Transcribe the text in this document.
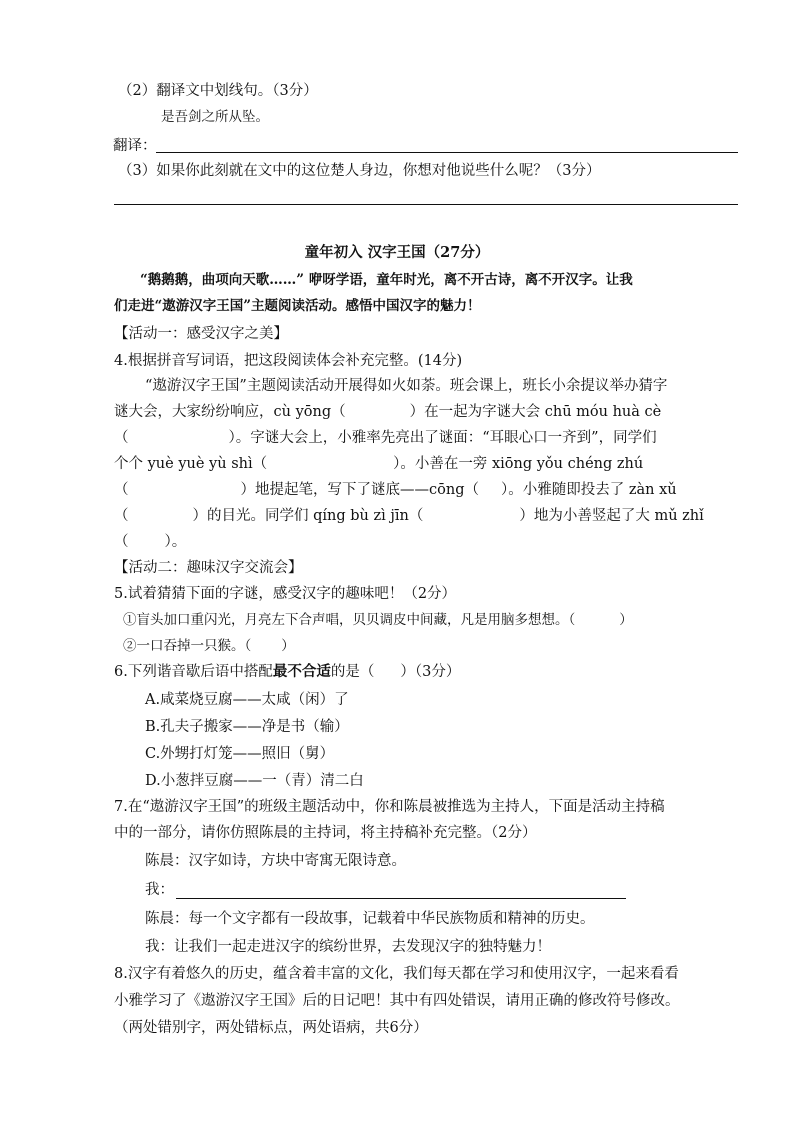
（2）翻译文中划线句。（3分）
是吾剑之所从坠。
翻译：
（3）如果你此刻就在文中的这位楚人身边，你想对他说些什么呢？（3分）
童年初入 汉字王国（27分）
“鹅鹅鹅，曲项向天歌……” 咿呀学语，童年时光，离不开古诗，离不开汉字。让我
们走进“遨游汉字王国”主题阅读活动。感悟中国汉字的魅力！
【活动一：感受汉字之美】
4.根据拼音写词语，把这段阅读体会补充完整。(14分)
“遨游汉字王国”主题阅读活动开展得如火如荼。班会课上，班长小余提议举办猜字
谜大会，大家纷纷响应，cù yōng（	）在一起为字谜大会 chū móu huà cè
（	）。字谜大会上，小雅率先亮出了谜面：“耳眼心口一齐到”，同学们
个个 yuè yuè yù shì（	）。小善在一旁 xiōng yǒu chéng zhú
（	）地提起笔，写下了谜底——cōng（ ）。小雅随即投去了 zàn xǔ
（	）的目光。同学们 qíng bù zì jīn（	）地为小善竖起了大 mǔ zhǐ
（ ）。
【活动二：趣味汉字交流会】
5.试着猜猜下面的字谜，感受汉字的趣味吧！（2分）
①盲头加口重闪光，月亮左下合声唱，贝贝调皮中间藏，凡是用脑多想想。（	）
②一口吞掉一只猴。（ ）
6.下列谐音歇后语中搭配最不合适的是（ ）（3分）
A.咸菜烧豆腐——太咸（闲）了
B.孔夫子搬家——净是书（输）
C.外甥打灯笼——照旧（舅）
D.小葱拌豆腐——一（青）清二白
7.在“遨游汉字王国”的班级主题活动中，你和陈晨被推选为主持人，下面是活动主持稿
中的一部分，请你仿照陈晨的主持词，将主持稿补充完整。（2分）
陈晨：汉字如诗，方块中寄寓无限诗意。
我：
陈晨：每一个文字都有一段故事，记载着中华民族物质和精神的历史。
我：让我们一起走进汉字的缤纷世界，去发现汉字的独特魅力！
8.汉字有着悠久的历史，蕴含着丰富的文化，我们每天都在学习和使用汉字，一起来看看
小雅学习了《遨游汉字王国》后的日记吧！其中有四处错误，请用正确的修改符号修改。
（两处错别字，两处错标点，两处语病，共6分）
